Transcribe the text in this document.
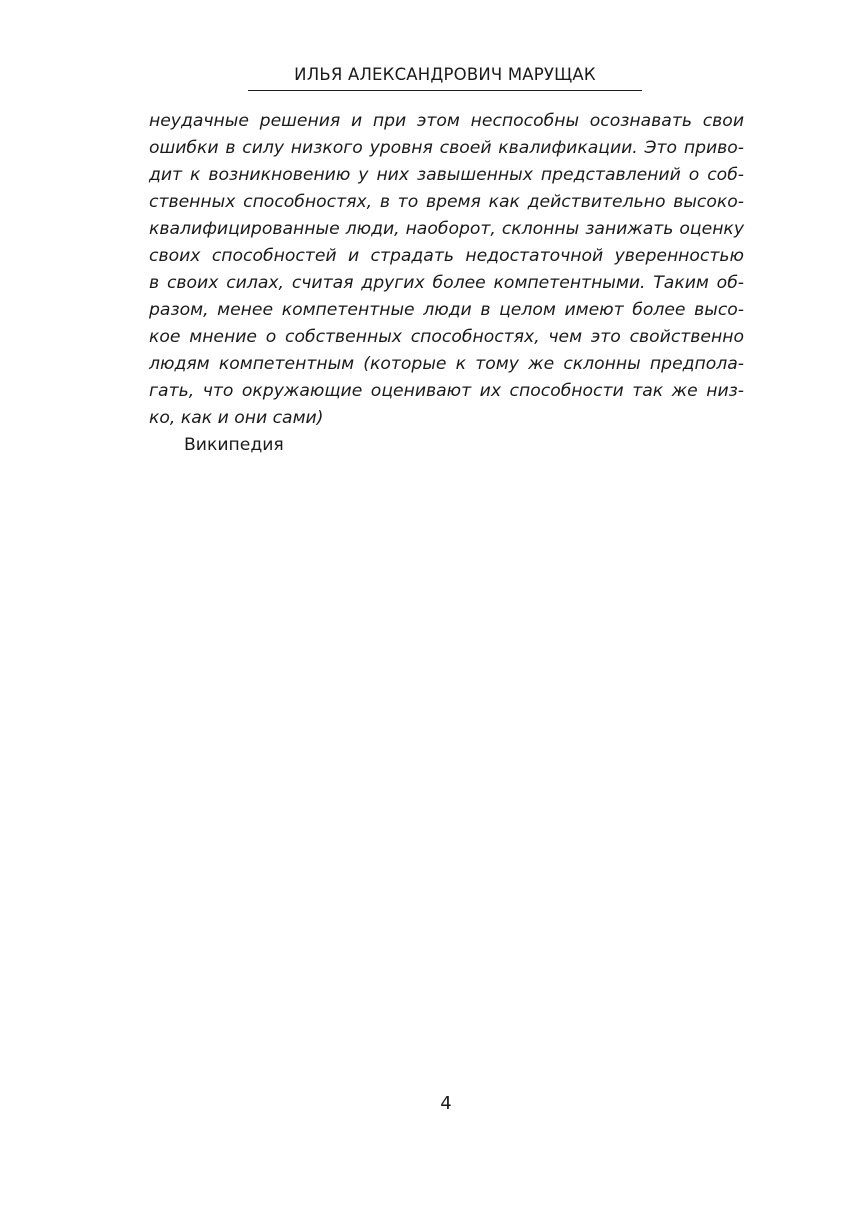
ИЛЬЯ АЛЕКСАНДРОВИЧ МАРУЩАК
неудачные решения и при этом неспособны осознавать свои
ошибки в силу низкого уровня своей квалификации. Это приво-
дит к возникновению у них завышенных представлений о соб-
ственных способностях, в то время как действительно высоко-
квалифицированные люди, наоборот, склонны занижать оценку
своих способностей и страдать недостаточной уверенностью
в своих силах, считая других более компетентными. Таким об-
разом, менее компетентные люди в целом имеют более высо-
кое мнение о собственных способностях, чем это свойственно
людям компетентным (которые к тому же склонны предпола-
гать, что окружающие оценивают их способности так же низ-
ко, как и они сами)
Википедия
4
